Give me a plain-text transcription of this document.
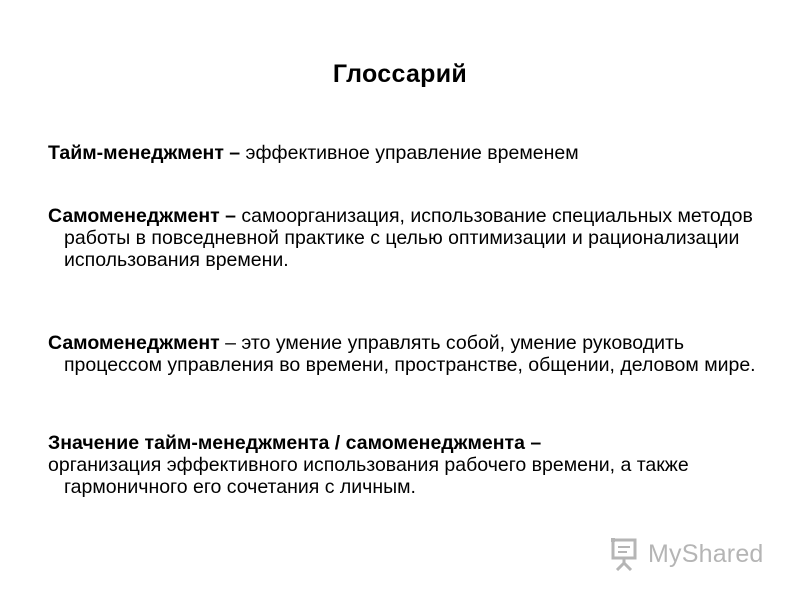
Глоссарий
Тайм-менеджмент – эффективное управление временем
Самоменеджмент – самоорганизация, использование специальных методов работы в повседневной практике с целью оптимизации и рационализации использования времени.
Самоменеджмент – это умение управлять собой, умение руководить процессом управления во времени, пространстве, общении, деловом мире.
Значение тайм-менеджмента / самоменеджмента –
организация эффективного использования рабочего времени, а также гармоничного его сочетания с личным.
MyShared
